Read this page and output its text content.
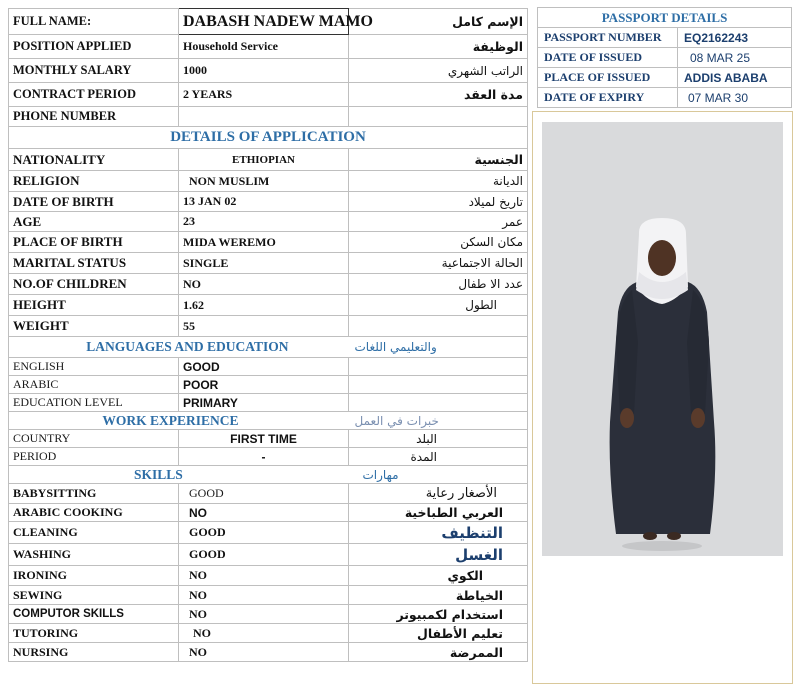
FULL NAME:	DABASH NADEW MAMO	الإسم كامل
POSITION APPLIED	Household Service	الوظيفة
MONTHLY SALARY	1000	الراتب الشهري
CONTRACT PERIOD	2 YEARS	مدة العقد
PHONE NUMBER		
DETAILS OF APPLICATION		
NATIONALITY	ETHIOPIAN	الجنسية
RELIGION	NON MUSLIM	الديانة
DATE OF BIRTH	13 JAN 02	تاريخ لميلاد
AGE	23	عمر
PLACE OF BIRTH	MIDA WEREMO	مكان السكن
MARITAL STATUS	SINGLE	الحالة الاجتماعية
NO.OF CHILDREN	NO	عدد الا طفال
HEIGHT	1.62	الطول
WEIGHT	55	
LANGUAGES AND EDUCATION		والتعليمي اللغات
ENGLISH	GOOD	
ARABIC	POOR	
EDUCATION LEVEL	PRIMARY	
WORK EXPERIENCE		خبرات في العمل
COUNTRY	FIRST TIME	البلد
PERIOD	-	المدة
SKILLS		مهارات
BABYSITTING	GOOD	الأصغار رعاية
ARABIC COOKING	NO	العربي الطباخية
CLEANING	GOOD	التنظيف
WASHING	GOOD	الغسل
IRONING	NO	الكوي
SEWING	NO	الخياطة
COMPUTOR SKILLS	NO	استخدام لكمبيوتر
TUTORING	NO	تعليم الأطفال
NURSING	NO	الممرضة
PASSPORT DETAILS	
PASSPORT NUMBER	EQ2162243
DATE OF ISSUED	08 MAR 25
PLACE OF ISSUED	ADDIS ABABA
DATE OF EXPIRY	07 MAR 30
